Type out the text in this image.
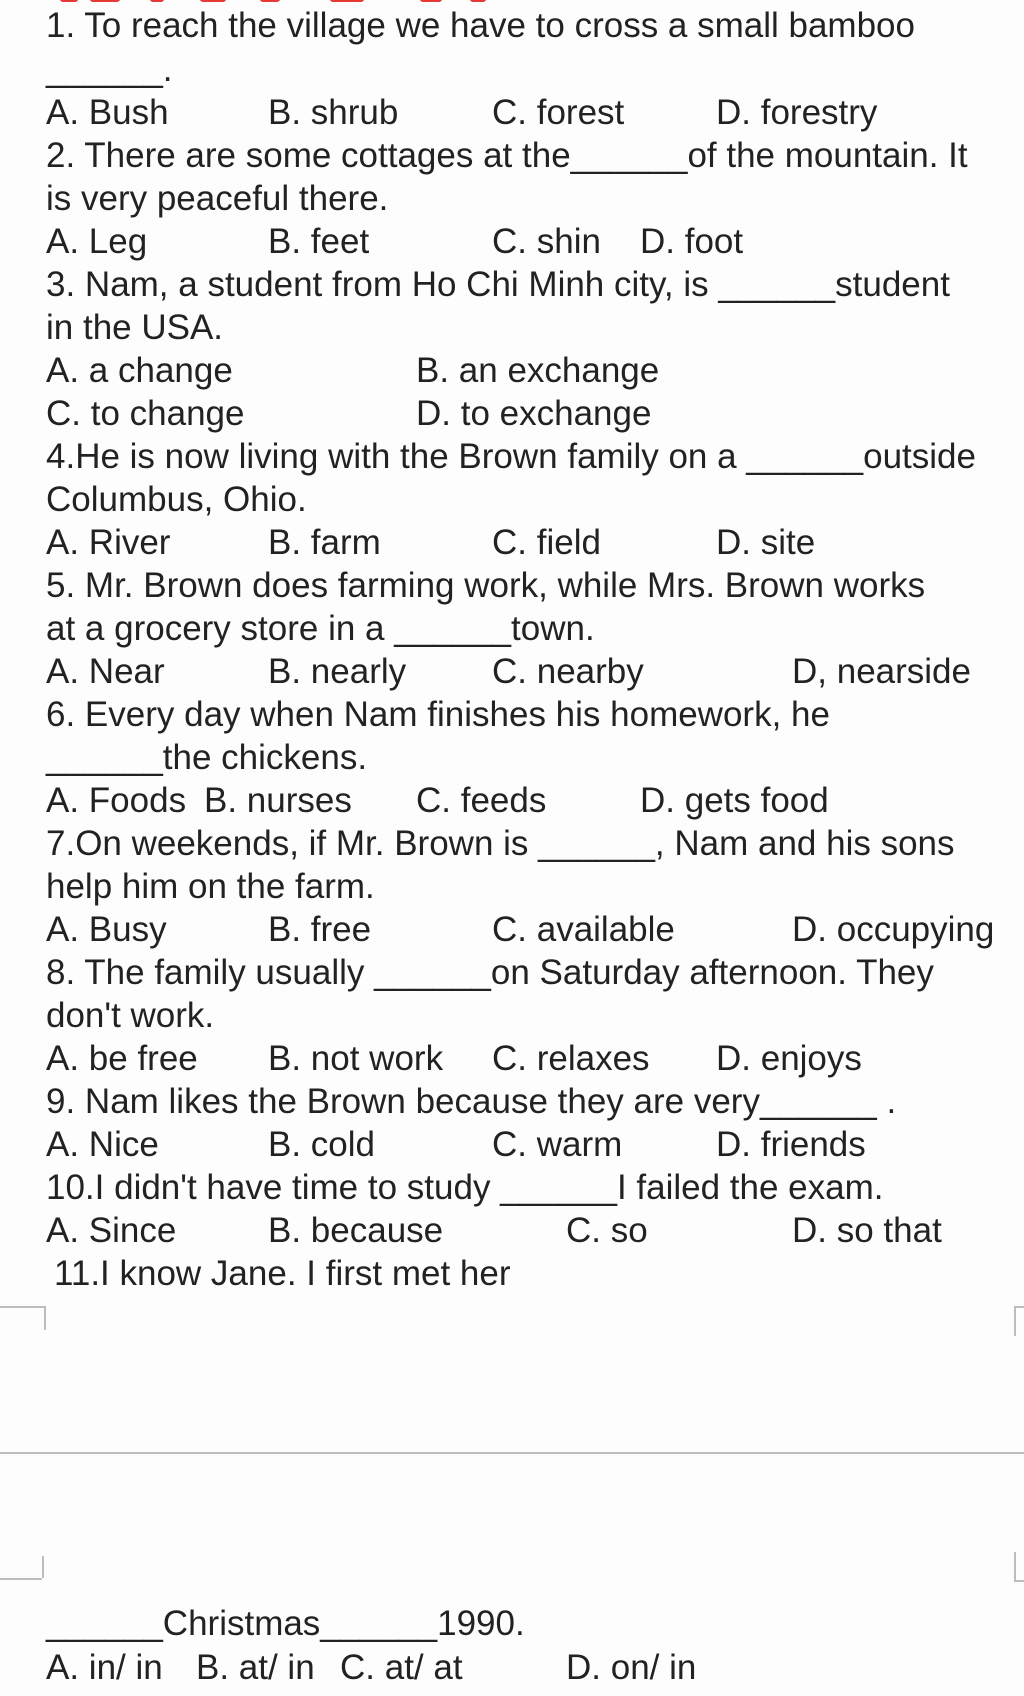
1. To reach the village we have to cross a small bamboo
______.
A. Bush	B. shrub	C. forest	D. forestry
2. There are some cottages at the______of the mountain. It
is very peaceful there.
A. Leg	B. feet	C. shin D. foot
3. Nam, a student from Ho Chi Minh city, is ______student
in the USA.
A. a change	B. an exchange
C. to change	D. to exchange
4.He is now living with the Brown family on a ______outside
Columbus, Ohio.
A. River	B. farm	C. field	D. site
5. Mr. Brown does farming work, while Mrs. Brown works
at a grocery store in a ______town.
A. Near	B. nearly C. nearby	D, nearside
6. Every day when Nam finishes his homework, he
______the chickens.
A. Foods B. nurses C. feeds	D. gets food
7.On weekends, if Mr. Brown is ______, Nam and his sons
help him on the farm.
A. Busy	B. free	C. available	D. occupying
8. The family usually ______on Saturday afternoon. They
don't work.
A. be free B. not work C. relaxes D. enjoys
9. Nam likes the Brown because they are very______ .
A. Nice	B. cold	C. warm	D. friends
10.I didn't have time to study ______I failed the exam.
A. Since	B. because	C. so	D. so that
11.I know Jane. I first met her
______Christmas______1990.
A. in/ in B. at/ in C. at/ at	D. on/ in
